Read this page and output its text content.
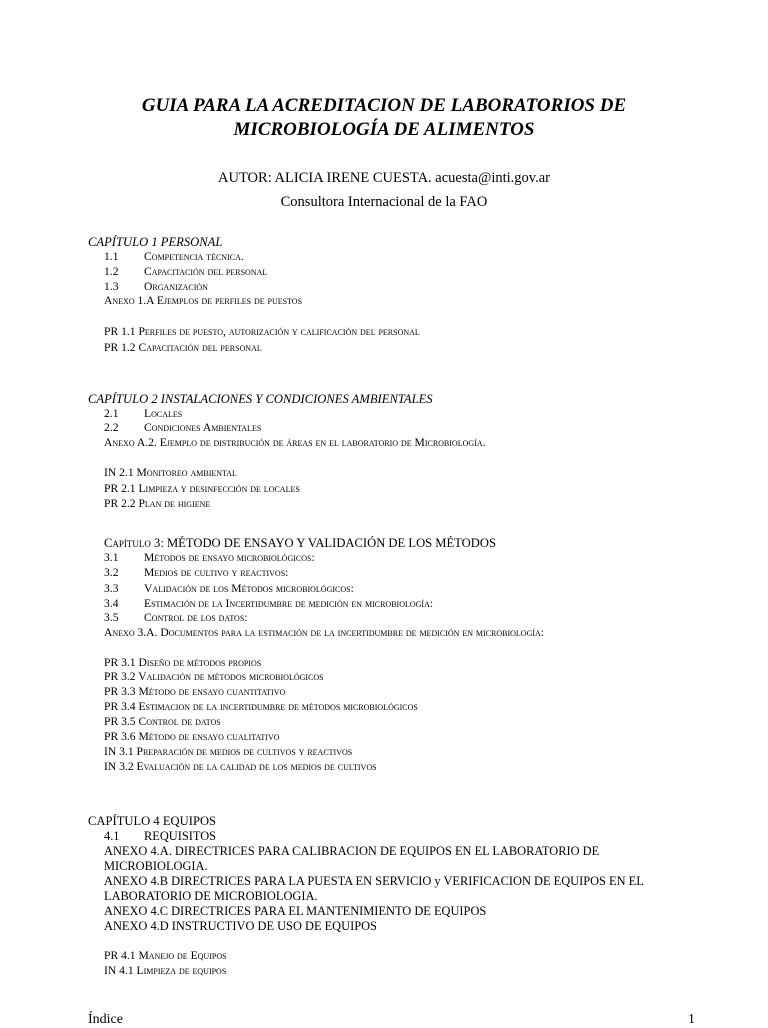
GUIA PARA LA ACREDITACION DE LABORATORIOS DE
MICROBIOLOGÍA DE ALIMENTOS
AUTOR: ALICIA IRENE CUESTA. acuesta@inti.gov.ar
Consultora Internacional de la FAO
CAPÍTULO 1 PERSONAL
1.1 Competencia técnica.
1.2 Capacitación del personal
1.3 Organización
Anexo 1.A Ejemplos de perfiles de puestos
PR 1.1 Perfiles de puesto, autorización y calificación del personal
PR 1.2 Capacitación del personal
CAPÍTULO 2 INSTALACIONES Y CONDICIONES AMBIENTALES
2.1 Locales
2.2 Condiciones Ambientales
Anexo A.2. Ejemplo de distribución de áreas en el laboratorio de Microbiología.
IN 2.1 Monitoreo ambiental
PR 2.1 Limpieza y desinfección de locales
PR 2.2 Plan de higiene
Capítulo 3: MÉTODO DE ENSAYO Y VALIDACIÓN DE LOS MÉTODOS
3.1 Métodos de ensayo microbiológicos:
3.2 Medios de cultivo y reactivos:
3.3 Validación de los Métodos microbiológicos:
3.4 Estimación de la Incertidumbre de medición en microbiología:
3.5 Control de los datos:
Anexo 3.A. Documentos para la estimación de la incertidumbre de medición en microbiología:
PR 3.1 Diseño de métodos propios
PR 3.2 Validación de métodos microbiológicos
PR 3.3 Método de ensayo cuantitativo
PR 3.4 Estimacion de la incertidumbre de métodos microbiológicos
PR 3.5 Control de datos
PR 3.6 Método de ensayo cualitativo
IN 3.1 Preparación de medios de cultivos y reactivos
IN 3.2 Evaluación de la calidad de los medios de cultivos
CAPÍTULO 4 EQUIPOS
4.1 REQUISITOS
ANEXO 4.A. DIRECTRICES PARA CALIBRACION DE EQUIPOS EN EL LABORATORIO DE
MICROBIOLOGIA.
ANEXO 4.B DIRECTRICES PARA LA PUESTA EN SERVICIO y VERIFICACION DE EQUIPOS EN EL
LABORATORIO DE MICROBIOLOGIA.
ANEXO 4.C DIRECTRICES PARA EL MANTENIMIENTO DE EQUIPOS
ANEXO 4.D INSTRUCTIVO DE USO DE EQUIPOS
PR 4.1 Manejo de Equipos
IN 4.1 Limpieza de equipos
Índice	1
